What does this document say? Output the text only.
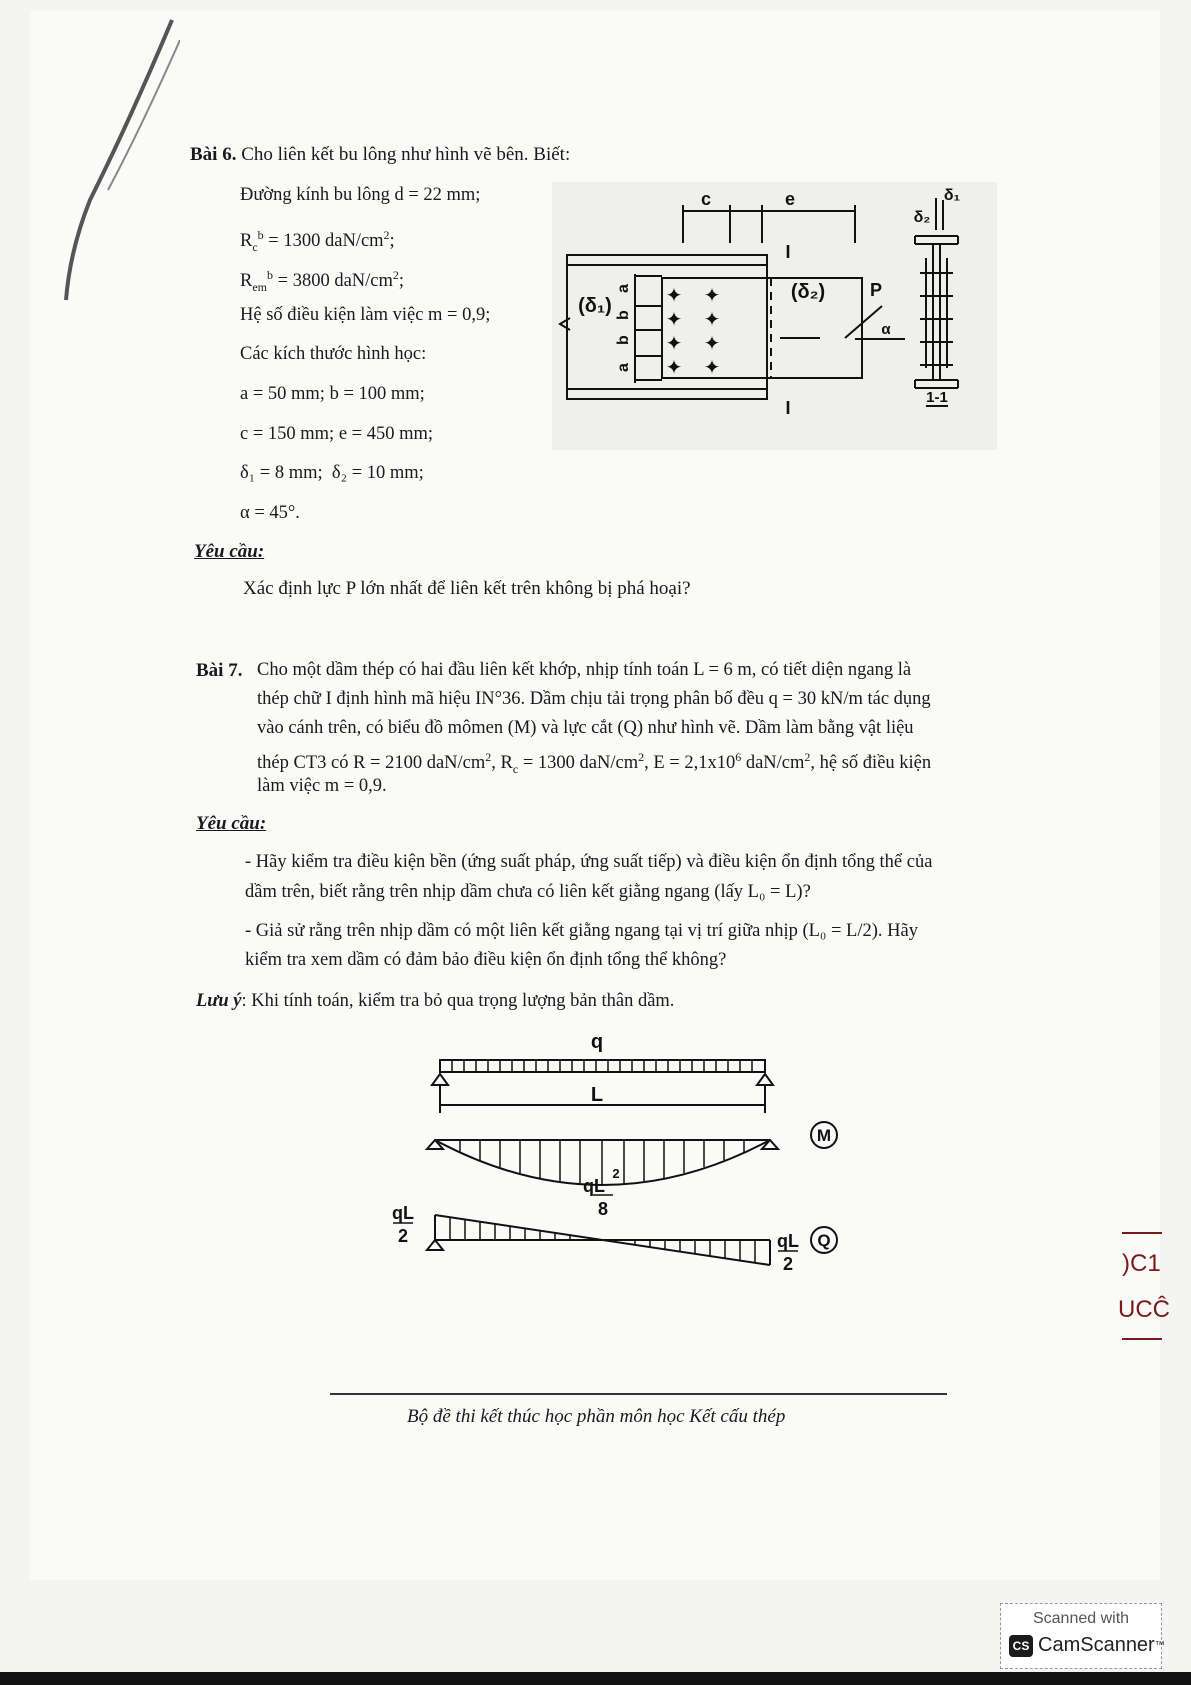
Bài 6. Cho liên kết bu lông như hình vẽ bên. Biết:
Đường kính bu lông d = 22 mm;
$R_c^b = 1300$ daN/$cm^2$;
$R_{em}^b = 3800$ daN/$cm^2$;
Hệ số điều kiện làm việc m = 0,9;
Các kích thước hình học:
a = 50 mm; b = 100 mm;
c = 150 mm; e = 450 mm;
δ₁ = 8 mm; δ₂ = 10 mm;
α = 45°.
Yêu cầu:
Xác định lực P lớn nhất để liên kết trên không bị phá hoại?
✦ ✦
✦ ✦
✦ ✦
✦ ✦
c	e
I
I
P
α
(δ₁)
(δ₂)
a
b
b
a
1-1
δ₁
δ₂
Bài 7. Cho một dầm thép có hai đầu liên kết khớp, nhịp tính toán L = 6 m, có tiết diện ngang là
thép chữ I định hình mã hiệu IN°36. Dầm chịu tải trọng phân bố đều q = 30 kN/m tác dụng
vào cánh trên, có biểu đồ mômen (M) và lực cắt (Q) như hình vẽ. Dầm làm bằng vật liệu
thép CT3 có R = 2100 daN/$cm^2$, $R_c = 1300$ daN/$cm^2$, $E = 2,1x10^6$ daN/$cm^2$, hệ số điều kiện
làm việc m = 0,9.
Yêu cầu:
- Hãy kiểm tra điều kiện bền (ứng suất pháp, ứng suất tiếp) và điều kiện ổn định tổng thể của
dầm trên, biết rằng trên nhịp dầm chưa có liên kết giằng ngang (lấy L₀ = L)?
- Giả sử rằng trên nhịp dầm có một liên kết giằng ngang tại vị trí giữa nhịp (L₀ = L/2). Hãy
kiểm tra xem dầm có đảm bảo điều kiện ổn định tổng thể không?
Lưu ý: Khi tính toán, kiểm tra bỏ qua trọng lượng bản thân dầm.
q
L
M
Q
qL
2
8
qL
2	qL
2	)C1
UCĈ
Bộ đề thi kết thúc học phần môn học Kết cấu thép
Scanned with
CS CamScanner ™
